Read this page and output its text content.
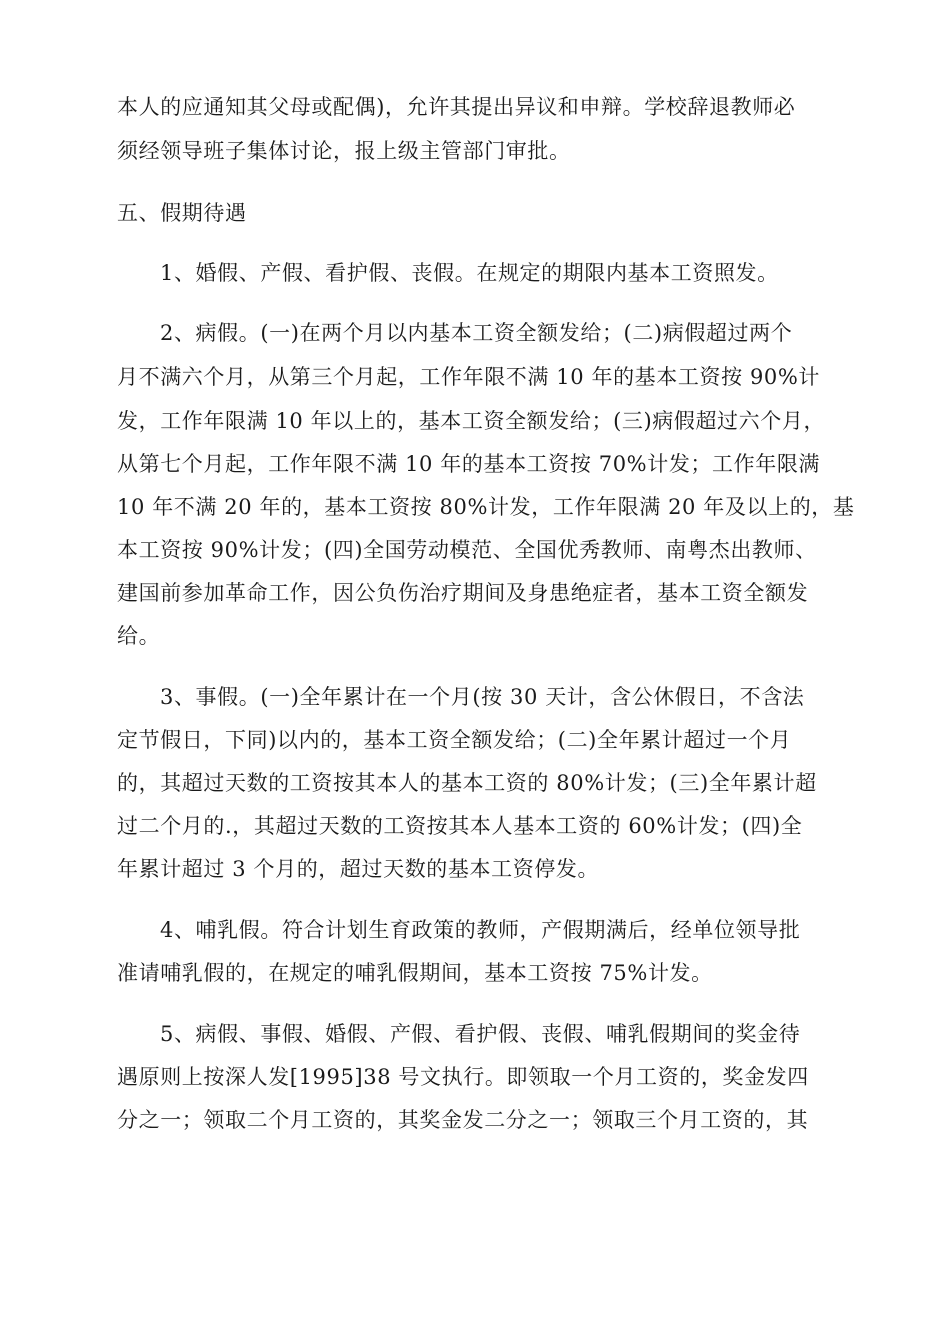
本人的应通知其父母或配偶)，允许其提出异议和申辩。学校辞退教师必
须经领导班子集体讨论，报上级主管部门审批。
五、假期待遇
1、婚假、产假、看护假、丧假。在规定的期限内基本工资照发。
2、病假。(一)在两个月以内基本工资全额发给；(二)病假超过两个
月不满六个月，从第三个月起，工作年限不满 10 年的基本工资按 90%计
发，工作年限满 10 年以上的，基本工资全额发给；(三)病假超过六个月，
从第七个月起，工作年限不满 10 年的基本工资按 70%计发；工作年限满
10 年不满 20 年的，基本工资按 80%计发，工作年限满 20 年及以上的，基
本工资按 90%计发；(四)全国劳动模范、全国优秀教师、南粤杰出教师、
建国前参加革命工作，因公负伤治疗期间及身患绝症者，基本工资全额发
给。
3、事假。(一)全年累计在一个月(按 30 天计，含公休假日，不含法
定节假日，下同)以内的，基本工资全额发给；(二)全年累计超过一个月
的，其超过天数的工资按其本人的基本工资的 80%计发；(三)全年累计超
过二个月的.，其超过天数的工资按其本人基本工资的 60%计发；(四)全
年累计超过 3 个月的，超过天数的基本工资停发。
4、哺乳假。符合计划生育政策的教师，产假期满后，经单位领导批
准请哺乳假的，在规定的哺乳假期间，基本工资按 75%计发。
5、病假、事假、婚假、产假、看护假、丧假、哺乳假期间的奖金待
遇原则上按深人发[1995]38 号文执行。即领取一个月工资的，奖金发四
分之一；领取二个月工资的，其奖金发二分之一；领取三个月工资的，其
